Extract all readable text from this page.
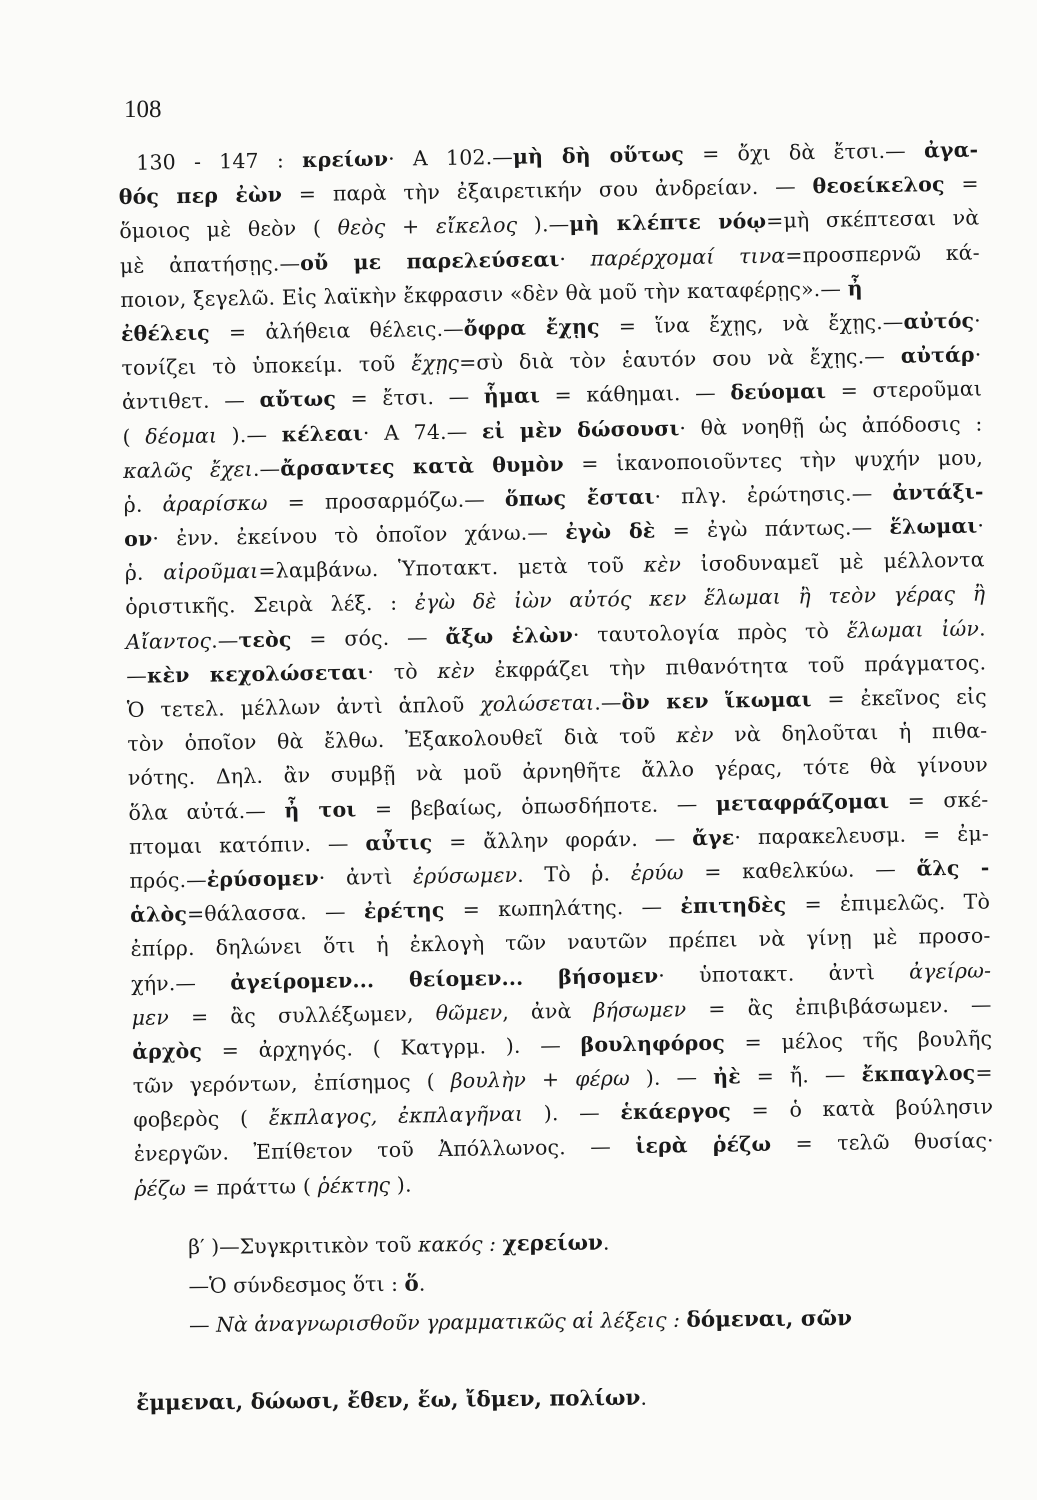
108
130 - 147 : κρείων· Α 102.—μὴ δὴ οὕτως = ὄχι δὰ ἔτσι.— ἀγα-
θός περ ἐὼν = παρὰ τὴν ἐξαιρετικήν σου ἀνδρείαν. — θεοείκελος =
ὅμοιος μὲ θεὸν ( θεὸς + εἴκελος ).—μὴ κλέπτε νόῳ=μὴ σκέπτεσαι νὰ
μὲ ἀπατήσῃς.—οὔ με παρελεύσεαι· παρέρχομαί τινα=προσπερνῶ κά-
ποιον, ξεγελῶ. Εἰς λαϊκὴν ἔκφρασιν «δὲν θὰ μοῦ τὴν καταφέρῃς».— ἦ
ἐθέλεις = ἀλήθεια θέλεις.—ὄφρα ἔχῃς = ἵνα ἔχῃς, νὰ ἔχῃς.—αὐτός·
τονίζει τὸ ὑποκείμ. τοῦ ἔχῃς=σὺ διὰ τὸν ἑαυτόν σου νὰ ἔχῃς.— αὐτάρ·
ἀντιθετ. — αὔτως = ἔτσι. — ἧμαι = κάθημαι. — δεύομαι = στεροῦμαι
( δέομαι ).— κέλεαι· Α 74.— εἰ μὲν δώσουσι· θὰ νοηθῇ ὡς ἀπόδοσις :
καλῶς ἔχει.—ἄρσαντες κατὰ θυμὸν = ἱκανοποιοῦντες τὴν ψυχήν μου,
ῥ. ἀραρίσκω = προσαρμόζω.— ὅπως ἔσται· πλγ. ἐρώτησις.— ἀντάξι-
ον· ἐνν. ἐκείνου τὸ ὁποῖον χάνω.— ἐγὼ δὲ = ἐγὼ πάντως.— ἕλωμαι·
ῥ. αἱροῦμαι=λαμβάνω. Ὑποτακτ. μετὰ τοῦ κὲν ἰσοδυναμεῖ μὲ μέλλοντα
ὁριστικῆς. Σειρὰ λέξ. : ἐγὼ δὲ ἰὼν αὐτός κεν ἕλωμαι ἢ τεὸν γέρας ἢ
Αἴαντος.—τεὸς = σός. — ἄξω ἑλὼν· ταυτολογία πρὸς τὸ ἕλωμαι ἰών.
—κὲν κεχολώσεται· τὸ κὲν ἐκφράζει τὴν πιθανότητα τοῦ πράγματος.
Ὁ τετελ. μέλλων ἀντὶ ἁπλοῦ χολώσεται.—ὃν κεν ἵκωμαι = ἐκεῖνος εἰς
τὸν ὁποῖον θὰ ἔλθω. Ἐξακολουθεῖ διὰ τοῦ κὲν νὰ δηλοῦται ἡ πιθα-
νότης. Δηλ. ἂν συμβῇ νὰ μοῦ ἀρνηθῆτε ἄλλο γέρας, τότε θὰ γίνουν
ὅλα αὐτά.— ἦ τοι = βεβαίως, ὁπωσδήποτε. — μεταφράζομαι = σκέ-
πτομαι κατόπιν. — αὖτις = ἄλλην φοράν. — ἄγε· παρακελευσμ. = ἐμ-
πρός.—ἐρύσομεν· ἀντὶ ἐρύσωμεν. Τὸ ῥ. ἐρύω = καθελκύω. — ἅλς -
ἁλὸς=θάλασσα. — ἐρέτης = κωπηλάτης. — ἐπιτηδὲς = ἐπιμελῶς. Τὸ
ἐπίρρ. δηλώνει ὅτι ἡ ἐκλογὴ τῶν ναυτῶν πρέπει νὰ γίνῃ μὲ προσο-
χήν.— ἀγείρομεν... θείομεν... βήσομεν· ὑποτακτ. ἀντὶ ἀγείρω-
μεν = ἂς συλλέξωμεν, θῶμεν, ἀνὰ βήσωμεν = ἂς ἐπιβιβάσωμεν. —
ἀρχὸς = ἀρχηγός. ( Κατγρμ. ). — βουληφόρος = μέλος τῆς βουλῆς
τῶν γερόντων, ἐπίσημος ( βουλὴν + φέρω ). — ἠὲ = ἤ. — ἔκπαγλος=
φοβερὸς ( ἔκπλαγος, ἐκπλαγῆναι ). — ἑκάεργος = ὁ κατὰ βούλησιν
ἐνεργῶν. Ἐπίθετον τοῦ Ἀπόλλωνος. — ἱερὰ ῥέζω = τελῶ θυσίας·
ῥέζω = πράττω ( ῥέκτης ).
β′ )—Συγκριτικὸν τοῦ κακός : χερείων.
—Ὁ σύνδεσμος ὅτι : ὅ.
— Νὰ ἀναγνωρισθοῦν γραμματικῶς αἱ λέξεις : δόμεναι, σῶν
ἔμμεναι, δώωσι, ἔθεν, ἕω, ἴδμεν, πολίων.
